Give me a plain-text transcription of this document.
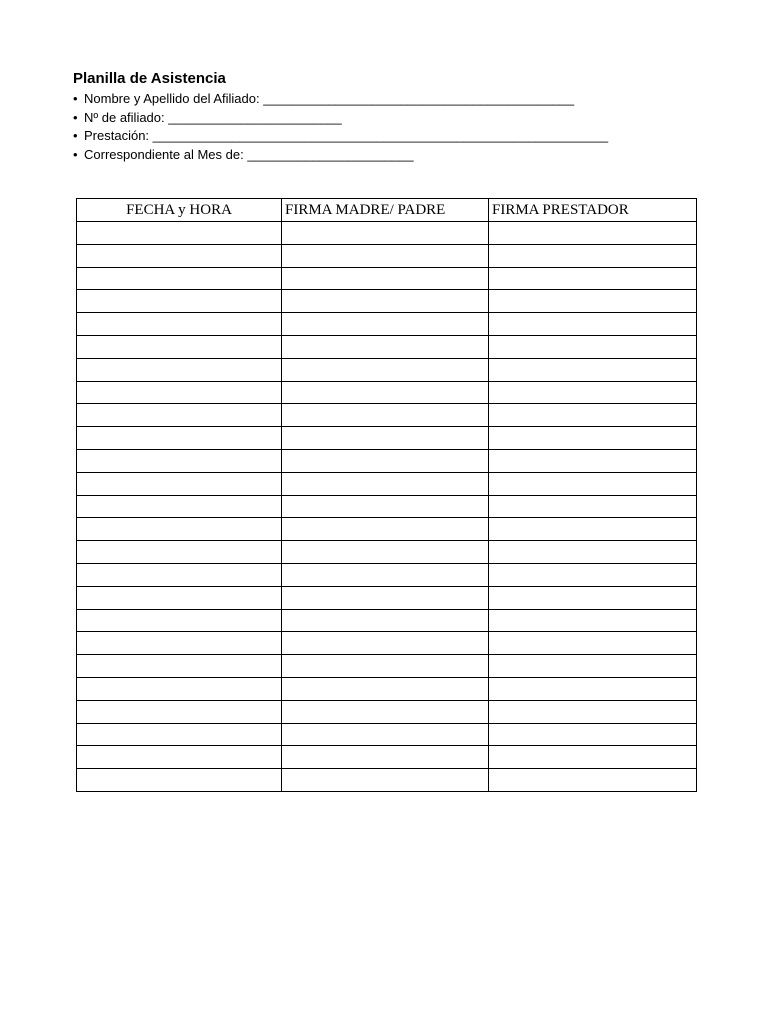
Planilla de Asistencia
• Nombre y Apellido del Afiliado: ___________________________________________
• Nº de afiliado: ________________________
• Prestación: _______________________________________________________________
• Correspondiente al Mes de: _______________________
FECHA y HORA	FIRMA MADRE/ PADRE	FIRMA PRESTADOR
